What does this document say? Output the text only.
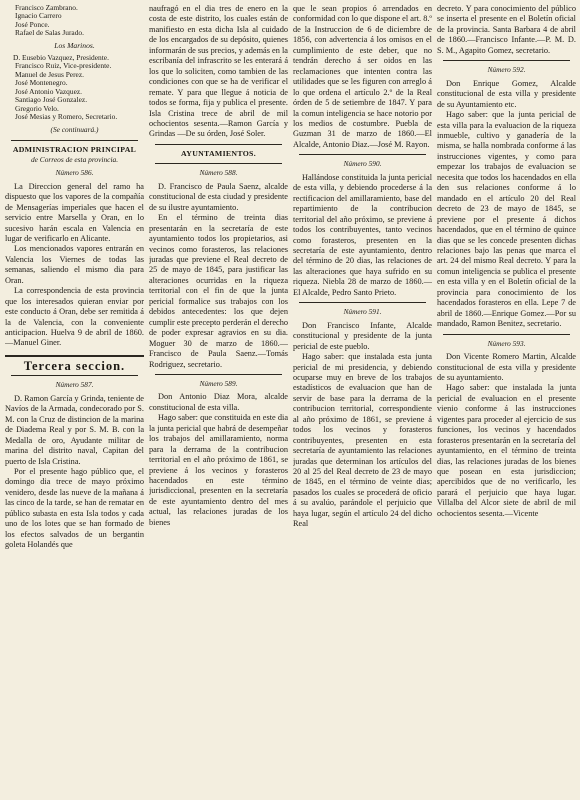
Francisco Zambrano.
Ignacio Carrero
José Ponce.
Rafael de Salas Jurado.
Los Marinos.
D. Eusebio Vazquez, Presidente.
Francisco Ruiz, Vice-presidente.
Manuel de Jesus Perez.
José Montenegro.
José Antonio Vazquez.
Santiago José Gonzalez.
Gregorio Velo.
José Mesias y Romero, Secretario.
(Se continuará.)
ADMINISTRACION PRINCIPAL
de Correos de esta provincia.
Número 586.

La Direccion general del ramo ha dispuesto que los vapores de la compañía de Mensagerías imperiales que hacen el servicio entre Marsella y Oran, en lo sucesivo harán escala en Valencia en lugar de verificarlo en Alicante.

Los mencionados vapores entrarán en Valencia los Viernes de todas las semanas, saliendo el mismo dia para Oran.

La correspondencia de esta provincia que los interesados quieran enviar por este conducto á Oran, debe ser remitida á la de Valencia, con la conveniente anticipacion. Huelva 9 de abril de 1860.—Manuel Giner.

Tercera seccion.
Número 587.

D. Ramon García y Grinda, teniente de Navíos de la Armada, condecorado por S. M. con la Cruz de distincion de la marina de Diadema Real y por S. M. B. con la Medalla de oro, Ayudante militar de marina del distrito naval, Capitan del puerto de Isla Cristina.

Por el presente hago público que, el domingo dia trece de mayo próximo venidero, desde las nueve de la mañana á las cinco de la tarde, se han de rematar en público subasta en esta Isla todos y cada uno de los lotes que se han formado de los efectos salvados de un bergantin goleta Holandés que

naufragó en el dia tres de enero en la costa de este distrito, los cuales están de manifiesto en esta dicha Isla al cuidado de los encargados de su depósito, quienes informarán de sus precios, y además en la escribanía del infrascrito se les enterará á los que lo soliciten, como tambien de las condiciones con que se ha de verificar el remate. Y para que llegue á noticia de todos se forma, fija y publica el presente. Isla Cristina trece de abril de mil ochocientos sesenta.—Ramon García y Grindas —De su órden, José Soler.

AYUNTAMIENTOS.
Número 588.

D. Francisco de Paula Saenz, alcalde constitucional de esta ciudad y presidente de su ilustre ayuntamiento.

En el término de treinta dias presentarán en la secretaría de este ayuntamiento todos los propietarios, asi vecinos como forasteros, las relaciones juradas que previene el Real decreto de 25 de mayo de 1845, para justificar las alteraciones ocurridas en la riqueza territorial con el fin de que la junta pericial formalice sus trabajos con los debidos antecedentes: los que dejen cumplir este precepto perderán el derecho de poder expresar agravios en su dia. Moguer 30 de marzo de 1860.—Francisco de Paula Saenz.—Tomás Rodriguez, secretario.

Número 589.

Don Antonio Diaz Mora, alcalde constitucional de esta villa.

Hago saber: que constituida en este dia la junta pericial que habrá de desempeñar los trabajos del amillaramiento, norma para la derrama de la contribucion territorial en el año próximo de 1861, se previene á los vecinos y forasteros hacendados en este término jurisdiccional, presenten en la secretaría de este ayuntamiento dentro del mes actual, las relaciones juradas de los bienes

que le sean propios ó arrendados en conformidad con lo que dispone el art. 8.º de la Instruccion de 6 de diciembre de 1856, con advertencia á los omisos en el cumplimiento de este deber, que no tendrán derecho á ser oidos en las reclamaciones que intenten contra las utilidades que se les figuren con arreglo á lo que ordena el artículo 2.º de la Real órden de 5 de setiembre de 1847. Y para la comun inteligencia se hace notorio por los medios de costumbre. Puebla de Guzman 31 de marzo de 1860.—El Alcalde, Antonio Diaz.—José M. Rayon.

Número 590.

Hallándose constituida la junta pericial de esta villa, y debiendo procederse á la rectificacion del amillaramiento, base del repartimiento de la contribucion territorial del año próximo, se previene á todos los contribuyentes, tanto vecinos como forasteros, presenten en la secretaría de este ayuntamiento, dentro del término de 20 dias, las relaciones de las alteraciones que haya sufrido en su riqueza. Niebla 28 de marzo de 1860.—El Alcalde, Pedro Santo Prieto.

Número 591.

Don Francisco Infante, Alcalde constitucional y presidente de la junta pericial de este pueblo.

Hago saber: que instalada esta junta pericial de mi presidencia, y debiendo ocuparse muy en breve de los trabajos estadísticos de evaluacion que han de servir de base para la derrama de la contribucion territorial, correspondiente al año próximo de 1861, se previene á todos los vecinos y forasteros contribuyentes, presenten en esta secretaría de ayuntamiento las relaciones juradas que determinan los artículos del 20 al 25 del Real decreto de 23 de mayo de 1845, en el término de veinte dias; pasados los cuales se procederá de oficio á su avalúo, parándole el perjuicio que haya lugar, según el artículo 24 del dicho Real

decreto. Y para conocimiento del público se inserta el presente en el Boletín oficial de la provincia. Santa Barbara 4 de abril de 1860.—Francisco Infante.—P. M. D. S. M., Agapito Gomez, secretario.

Número 592.

Don Enrique Gomez, Alcalde constitucional de esta villa y presidente de su Ayuntamiento etc.

Hago saber: que la junta pericial de esta villa para la evaluacion de la riqueza inmueble, cultivo y ganadería de la misma, se halla nombrada conforme á las instrucciones vigentes, y como para empezar los trabajos de evaluacion se necesita que todos los hacendados en ella den sus relaciones conforme á lo mandado en el artículo 20 del Real decreto de 23 de mayo de 1845, se previene por el presente á dichos hacendados, que en el término de quince dias que se les concede presenten dichas relaciones bajo las penas que marca el art. 24 del mismo Real decreto. Y para la comun inteligencia se publica el presente en esta villa y en el Boletín oficial de la provincia para conocimiento de los hacendados forasteros en ella. Lepe 7 de abril de 1860.—Enrique Gomez.—Por su mandado, Ramon Benitez, secretario.

Número 593.

Don Vicente Romero Martin, Alcalde constitucional de esta villa y presidente de su ayuntamiento.

Hago saber: que instalada la junta pericial de evaluacion en el presente vienio conforme á las instrucciones vigentes para proceder al ejercicio de sus funciones, los vecinos y hacendados forasteros presentarán en la secretaría del ayuntamiento, en el término de treinta dias, las relaciones juradas de los bienes que posean en esta jurisdiccion; apercibidos que de no verificarlo, les parará el perjuicio que haya lugar. Villalba del Alcor siete de abril de mil ochocientos sesenta.—Vicente
